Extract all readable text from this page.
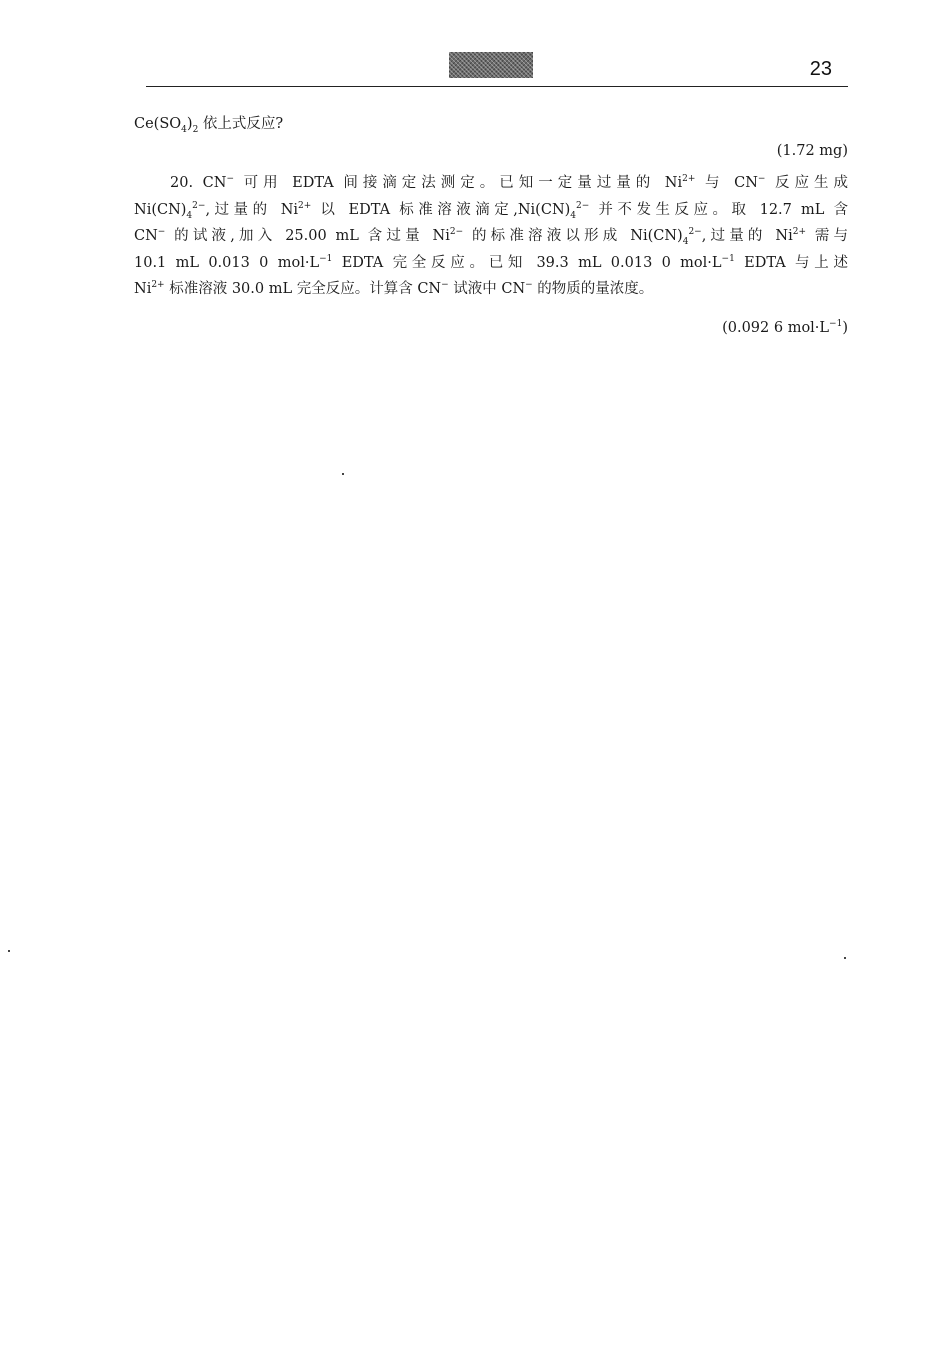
23
$Ce(SO_4)_2$ 依上式反应?
(1.72 mg)
20. CN− 可用 EDTA 间接滴定法测定。已知一定量过量的 $Ni^{2+}$ 与 CN− 反应生成
$Ni(CN)_4^{2-}$,过量的 $Ni^{2+}$ 以 EDTA 标准溶液滴定$,Ni(CN)_4^{2-}$ 并不发生反应。取 12.7 mL 含
CN− 的试液,加入 25.00 mL 含过量 $Ni^{2-}$ 的标准溶液以形成 $Ni(CN)_4^{2-}$,过量的 $Ni^{2+}$ 需与
10.1 mL 0.013 0 $mol\cdot L^{-1}$ EDTA 完全反应。已知 39.3 mL 0.013 0 $mol\cdot L^{-1}$ EDTA 与上述
$Ni^{2+}$ 标准溶液 30.0 mL 完全反应。计算含 CN− 试液中 CN− 的物质的量浓度。
(0.092 6 $mol\cdot L^{-1}$)
